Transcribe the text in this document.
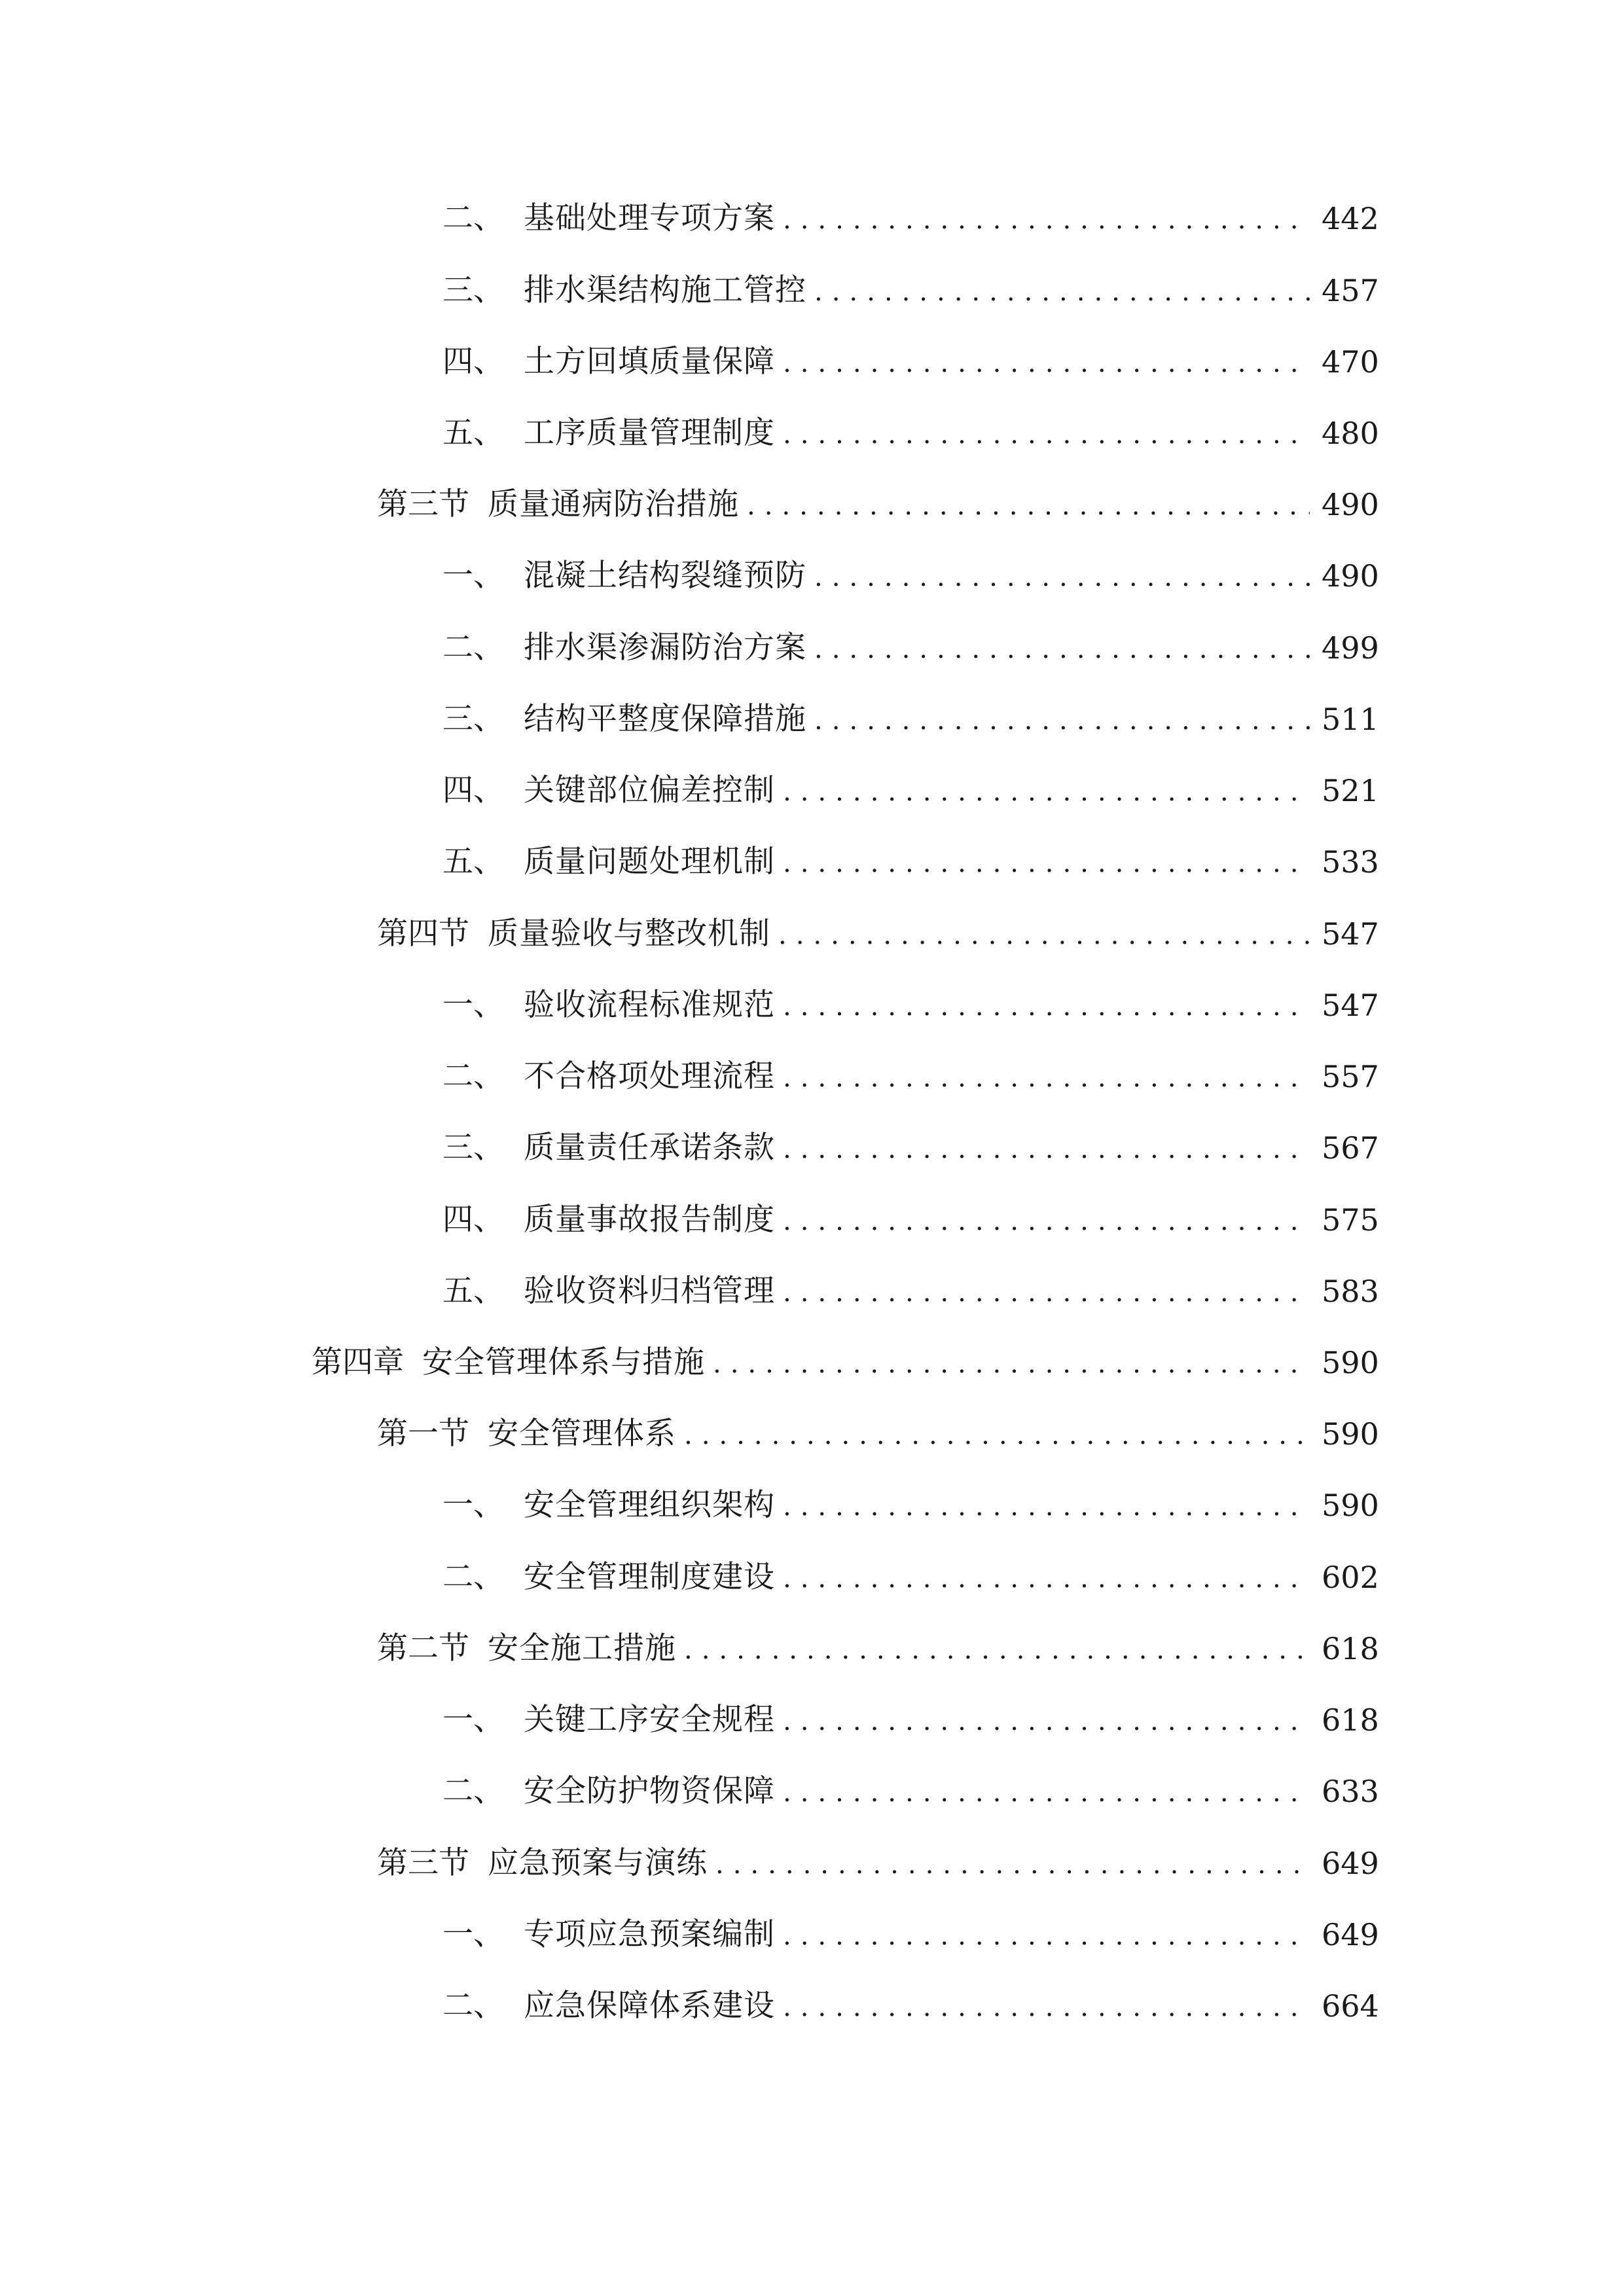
二、 基础处理专项方案 .....	442
三、 排水渠结构施工管控 .....	457
四、 土方回填质量保障 .....	470
五、 工序质量管理制度 .....	480
第三节 质量通病防治措施 .....	490
一、 混凝土结构裂缝预防 .....	490
二、 排水渠渗漏防治方案 .....	499
三、 结构平整度保障措施 .....	511
四、 关键部位偏差控制 .....	521
五、 质量问题处理机制 .....	533
第四节 质量验收与整改机制 .....	547
一、 验收流程标准规范 .....	547
二、 不合格项处理流程 .....	557
三、 质量责任承诺条款 .....	567
四、 质量事故报告制度 .....	575
五、 验收资料归档管理 .....	583
第四章 安全管理体系与措施 .....	590
第一节 安全管理体系 .....	590
一、 安全管理组织架构 .....	590
二、 安全管理制度建设 .....	602
第二节 安全施工措施 .....	618
一、 关键工序安全规程 .....	618
二、 安全防护物资保障 .....	633
第三节 应急预案与演练 .....	649
一、 专项应急预案编制 .....	649
二、 应急保障体系建设 .....	664
